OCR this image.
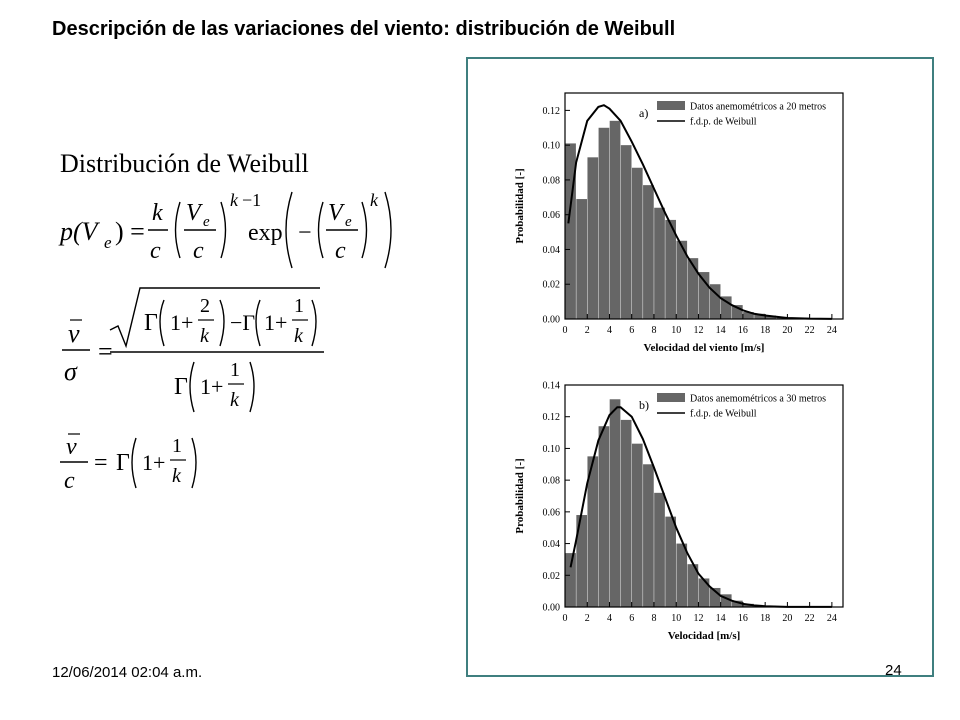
Descripción de las variaciones del viento: distribución de Weibull
Distribución de Weibull
p(V e ) =
k
c
V e
c
k −1
exp −
V e
c
k
v
σ
=
Γ 1+
2
k
−Γ 1+
1
k
Γ 1+
1
k
v
c
= Γ 1+
1
k
0 2 4 6 8 10 12 14 16 18 20 22 24
0.00
0.02
0.04
0.06
0.08
0.10
0.12
Velocidad del viento [m/s]
Probabilidad [-]
a)	Datos anemométricos a 20 metros
f.d.p. de Weibull
0 2 4 6 8 10 12 14 16 18 20 22 24
0.00
0.02
0.04
0.06
0.08
0.10
0.12
0.14
Velocidad [m/s]
Probabilidad [-]
b)	Datos anemométricos a 30 metros
f.d.p. de Weibull
12/06/2014 02:04 a.m.	24
